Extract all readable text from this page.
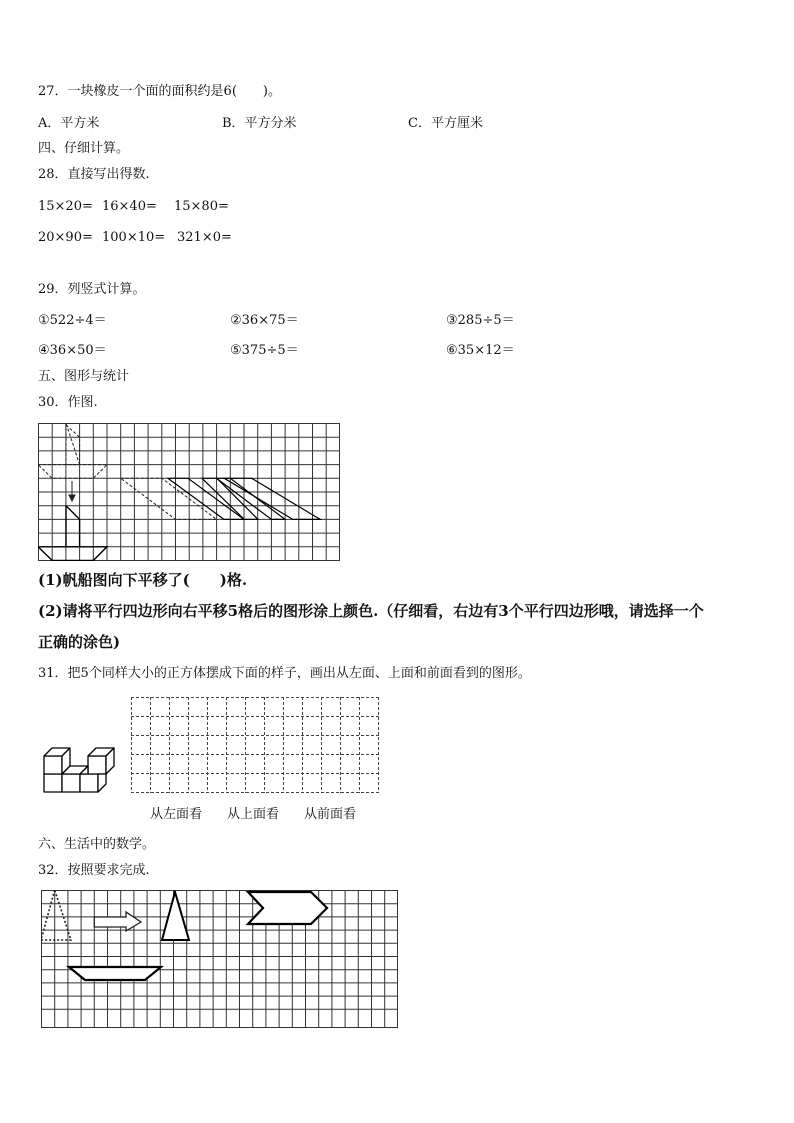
27．一块橡皮一个面的面积约是6(　　)。
A．平方米	B．平方分米	C．平方厘米
四、仔细计算。
28．直接写出得数.
15×20= 16×40= 15×80=
20×90= 100×10= 321×0=
29．列竖式计算。
①522÷4＝	②36×75＝	③285÷5＝
④36×50＝	⑤375÷5＝	⑥35×12＝
五、图形与统计
30．作图.
(1)帆船图向下平移了(　　)格.
(2)请将平行四边形向右平移5格后的图形涂上颜色.（仔细看，右边有3个平行四边形哦，请选择一个
正确的涂色)
31．把5个同样大小的正方体摆成下面的样子，画出从左面、上面和前面看到的图形。
从左面看 从上面看 从前面看
六、生活中的数学。
32．按照要求完成.
